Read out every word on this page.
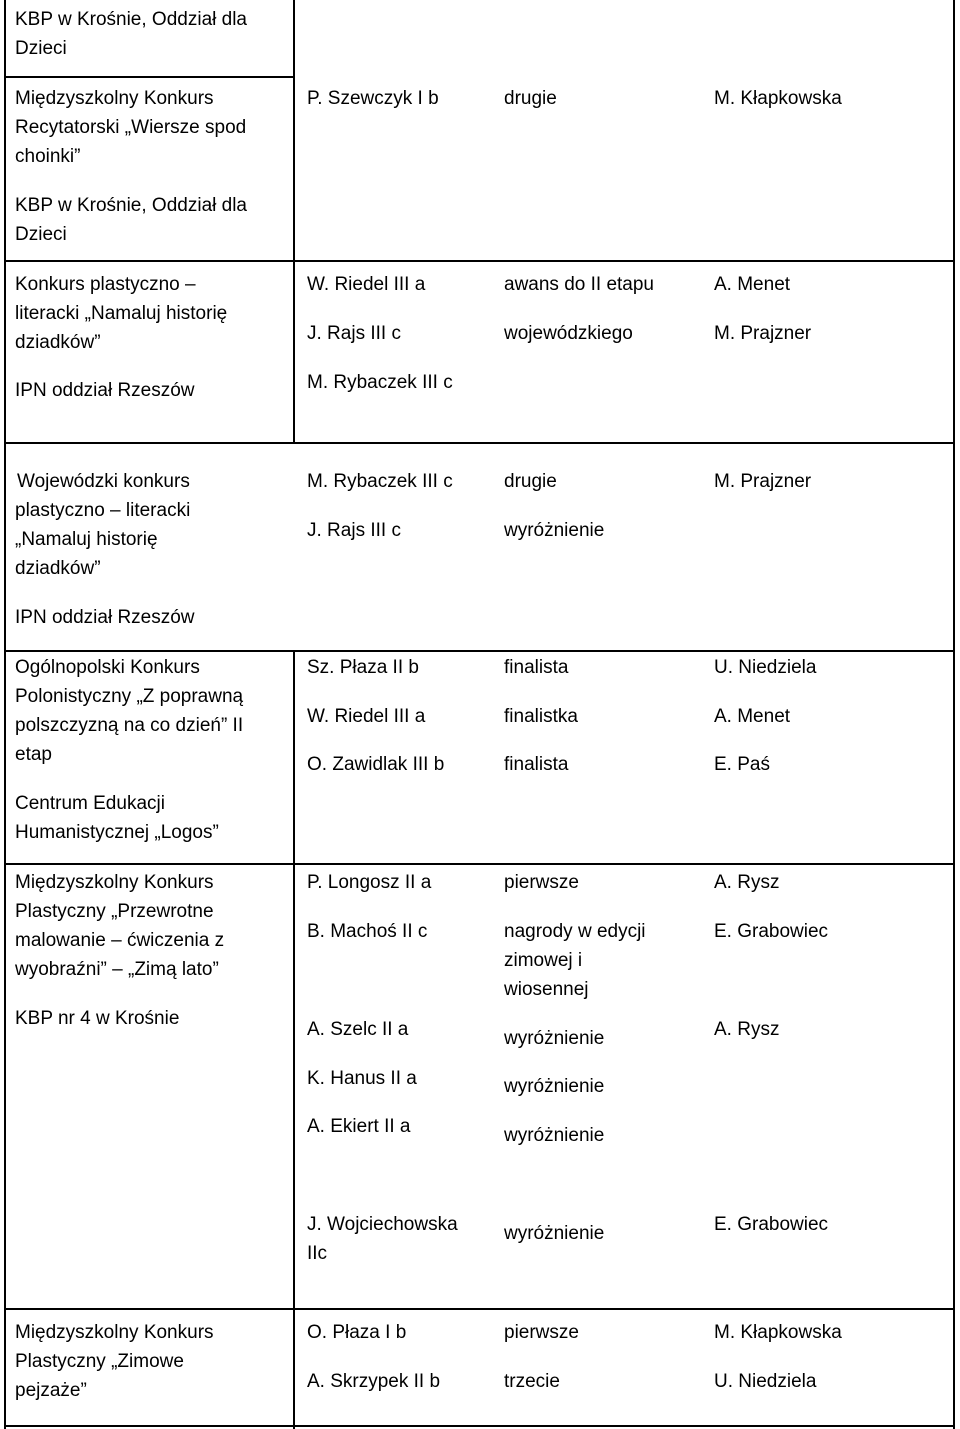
KBP w Krośnie, Oddział dla
Dzieci
Międzyszkolny Konkurs
Recytatorski „Wiersze spod
choinki”
KBP w Krośnie, Oddział dla
Dzieci
P. Szewczyk I b	drugie	M. Kłapkowska
Konkurs plastyczno –
literacki „Namaluj historię
dziadków”
IPN oddział Rzeszów
W. Riedel III a
J. Rajs III c
M. Rybaczek III c
awans do II etapu
wojewódzkiego
A. Menet
M. Prajzner
Wojewódzki konkurs
plastyczno – literacki
„Namaluj historię
dziadków”
IPN oddział Rzeszów
M. Rybaczek III c
J. Rajs III c
drugie
wyróżnienie
M. Prajzner
Ogólnopolski Konkurs
Polonistyczny „Z poprawną
polszczyzną na co dzień” II
etap
Centrum Edukacji
Humanistycznej „Logos”
Sz. Płaza II b
W. Riedel III a
O. Zawidlak III b
finalista
finalistka
finalista
U. Niedziela
A. Menet
E. Paś
Międzyszkolny Konkurs
Plastyczny „Przewrotne
malowanie – ćwiczenia z
wyobraźni” – „Zimą lato”
KBP nr 4 w Krośnie
P. Longosz II a
B. Machoś II c
A. Szelc II a
K. Hanus II a
A. Ekiert II a
J. Wojciechowska
IIc
pierwsze
nagrody w edycji
zimowej i
wiosennej
wyróżnienie
wyróżnienie
wyróżnienie
wyróżnienie
A. Rysz
E. Grabowiec
A. Rysz
E. Grabowiec
Międzyszkolny Konkurs
Plastyczny „Zimowe
pejzaże”
O. Płaza I b
A. Skrzypek II b
pierwsze
trzecie
M. Kłapkowska
U. Niedziela
